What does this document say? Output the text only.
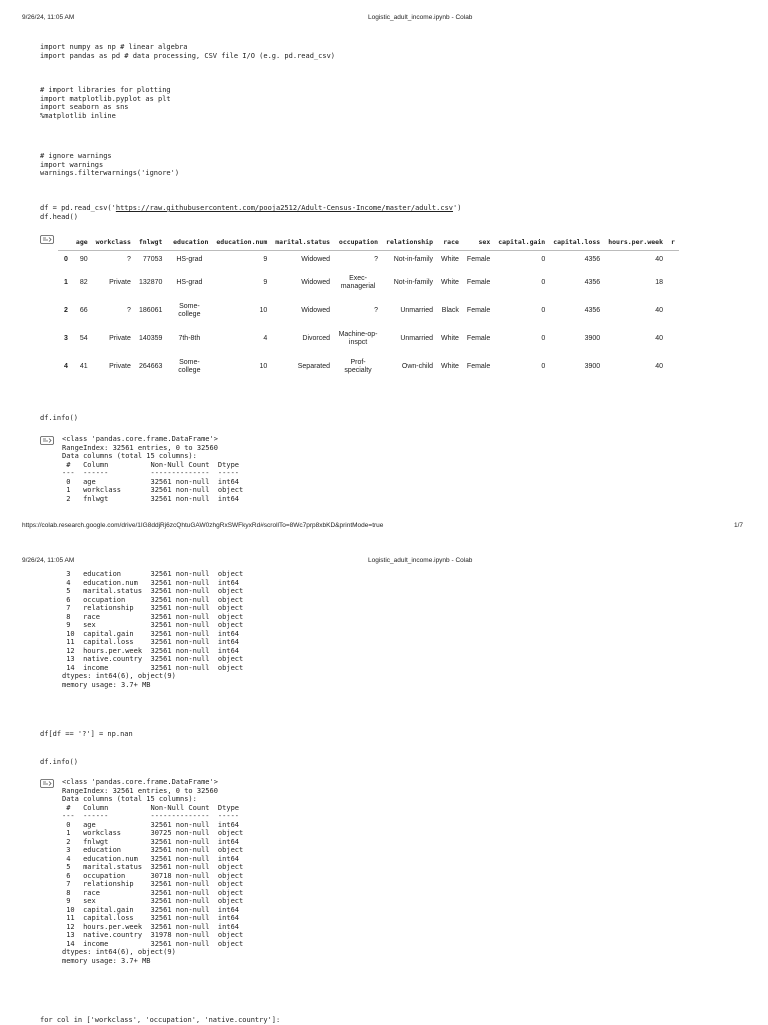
9/26/24, 11:05 AM	Logistic_adult_income.ipynb - Colab
import numpy as np # linear algebra
import pandas as pd # data processing, CSV file I/O (e.g. pd.read_csv)
# import libraries for plotting
import matplotlib.pyplot as plt
import seaborn as sns
%matplotlib inline
# ignore warnings
import warnings
warnings.filterwarnings('ignore')
df = pd.read_csv('https://raw.githubusercontent.com/pooja2512/Adult-Census-Income/master/adult.csv')
df.head()
	age	workclass	fnlwgt	education	education.num	marital.status	occupation	relationship	race	sex	capital.gain	capital.loss	hours.per.week	r
0	90	?	77053	HS-grad	9	Widowed	?	Not-in-family	White	Female	0	4356	40	
1	82	Private	132870	HS-grad	9	Widowed	Exec-managerial	Not-in-family	White	Female	0	4356	18	
2	66	?	186061	Some-college	10	Widowed	?	Unmarried	Black	Female	0	4356	40	
3	54	Private	140359	7th-8th	4	Divorced	Machine-op-inspct	Unmarried	White	Female	0	3900	40	
4	41	Private	264663	Some-college	10	Separated	Prof-specialty	Own-child	White	Female	0	3900	40	
df.info()
<class 'pandas.core.frame.DataFrame'>
RangeIndex: 32561 entries, 0 to 32560
Data columns (total 15 columns):
#   Column          Non-Null Count  Dtype
---  ------          --------------  -----
0   age             32561 non-null  int64
1   workclass       32561 non-null  object
2   fnlwgt          32561 non-null  int64
https://colab.research.google.com/drive/1IG8ddjRj6zcQhtuGAW0zhgRxSWFkyxRd#scrollTo=8Wc7prp8xbKD&printMode=true	1/7
9/26/24, 11:05 AM	Logistic_adult_income.ipynb - Colab
3   education       32561 non-null  object
4   education.num   32561 non-null  int64
5   marital.status  32561 non-null  object
6   occupation      32561 non-null  object
7   relationship    32561 non-null  object
8   race            32561 non-null  object
9   sex             32561 non-null  object
10  capital.gain    32561 non-null  int64
11  capital.loss    32561 non-null  int64
12  hours.per.week  32561 non-null  int64
13  native.country  32561 non-null  object
14  income          32561 non-null  object
dtypes: int64(6), object(9)
memory usage: 3.7+ MB
df[df == '?'] = np.nan
df.info()
<class 'pandas.core.frame.DataFrame'>
RangeIndex: 32561 entries, 0 to 32560
Data columns (total 15 columns):
#   Column          Non-Null Count  Dtype
---  ------          --------------  -----
0   age             32561 non-null  int64
1   workclass       30725 non-null  object
2   fnlwgt          32561 non-null  int64
3   education       32561 non-null  object
4   education.num   32561 non-null  int64
5   marital.status  32561 non-null  object
6   occupation      30718 non-null  object
7   relationship    32561 non-null  object
8   race            32561 non-null  object
9   sex             32561 non-null  object
10  capital.gain    32561 non-null  int64
11  capital.loss    32561 non-null  int64
12  hours.per.week  32561 non-null  int64
13  native.country  31978 non-null  object
14  income          32561 non-null  object
dtypes: int64(6), object(9)
memory usage: 3.7+ MB
for col in ['workclass', 'occupation', 'native.country']:
